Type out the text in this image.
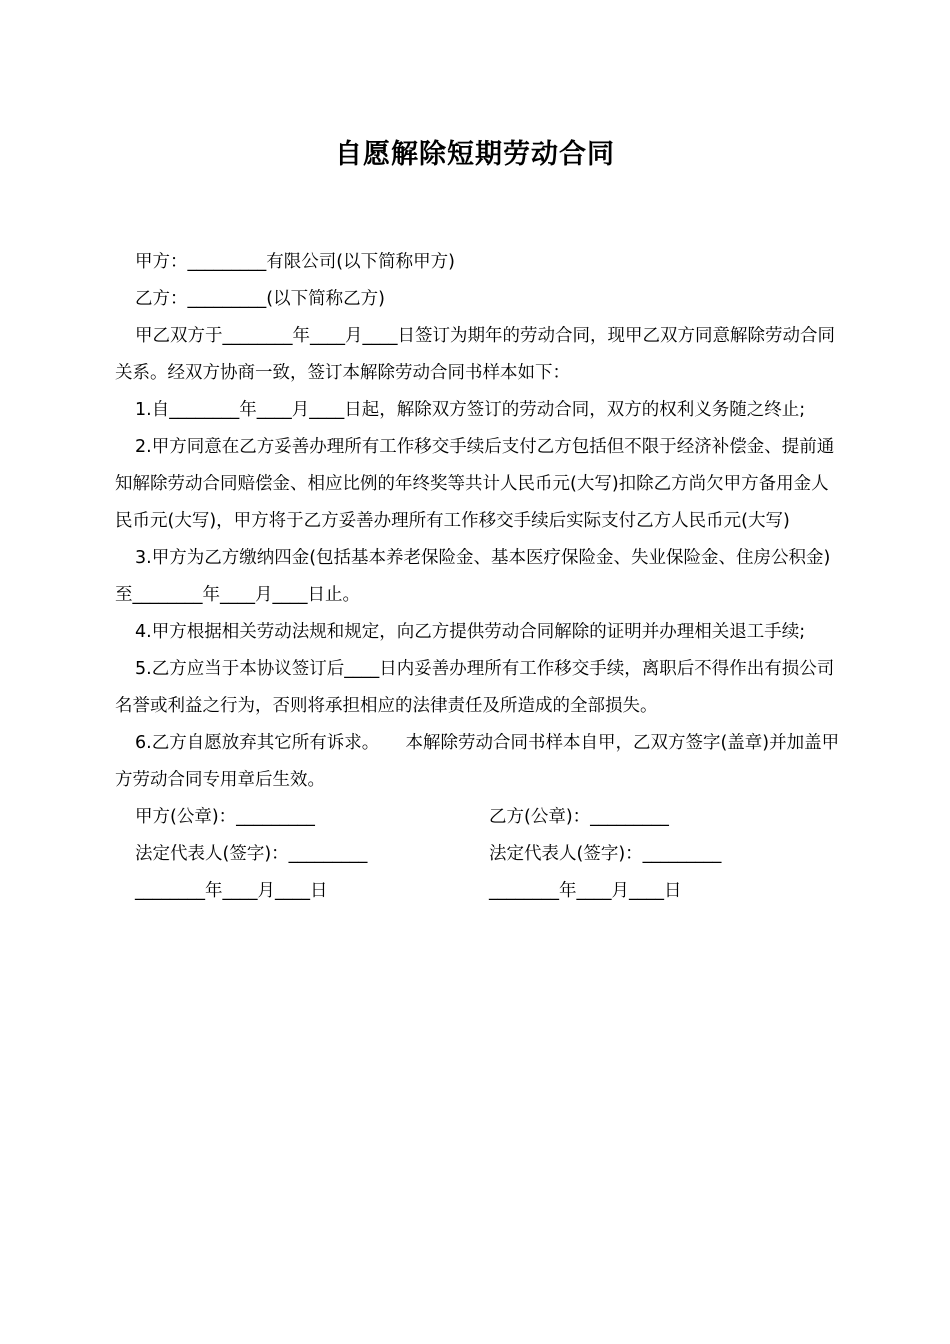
自愿解除短期劳动合同

甲方：_________有限公司(以下简称甲方)

乙方：_________(以下简称乙方)

甲乙双方于________年____月____日签订为期年的劳动合同，现甲乙双方同意解除劳动合同关系。经双方协商一致，签订本解除劳动合同书样本如下：

1.自________年____月____日起，解除双方签订的劳动合同，双方的权利义务随之终止;

2.甲方同意在乙方妥善办理所有工作移交手续后支付乙方包括但不限于经济补偿金、提前通知解除劳动合同赔偿金、相应比例的年终奖等共计人民币元(大写)扣除乙方尚欠甲方备用金人民币元(大写)，甲方将于乙方妥善办理所有工作移交手续后实际支付乙方人民币元(大写)

3.甲方为乙方缴纳四金(包括基本养老保险金、基本医疗保险金、失业保险金、住房公积金)至________年____月____日止。

4.甲方根据相关劳动法规和规定，向乙方提供劳动合同解除的证明并办理相关退工手续;

5.乙方应当于本协议签订后____日内妥善办理所有工作移交手续，离职后不得作出有损公司名誉或利益之行为，否则将承担相应的法律责任及所造成的全部损失。

6.乙方自愿放弃其它所有诉求。　　本解除劳动合同书样本自甲，乙双方签字(盖章)并加盖甲方劳动合同专用章后生效。

甲方(公章)：_________	乙方(公章)：_________
法定代表人(签字)：_________	法定代表人(签字)：_________
________年____月____日	________年____月____日
